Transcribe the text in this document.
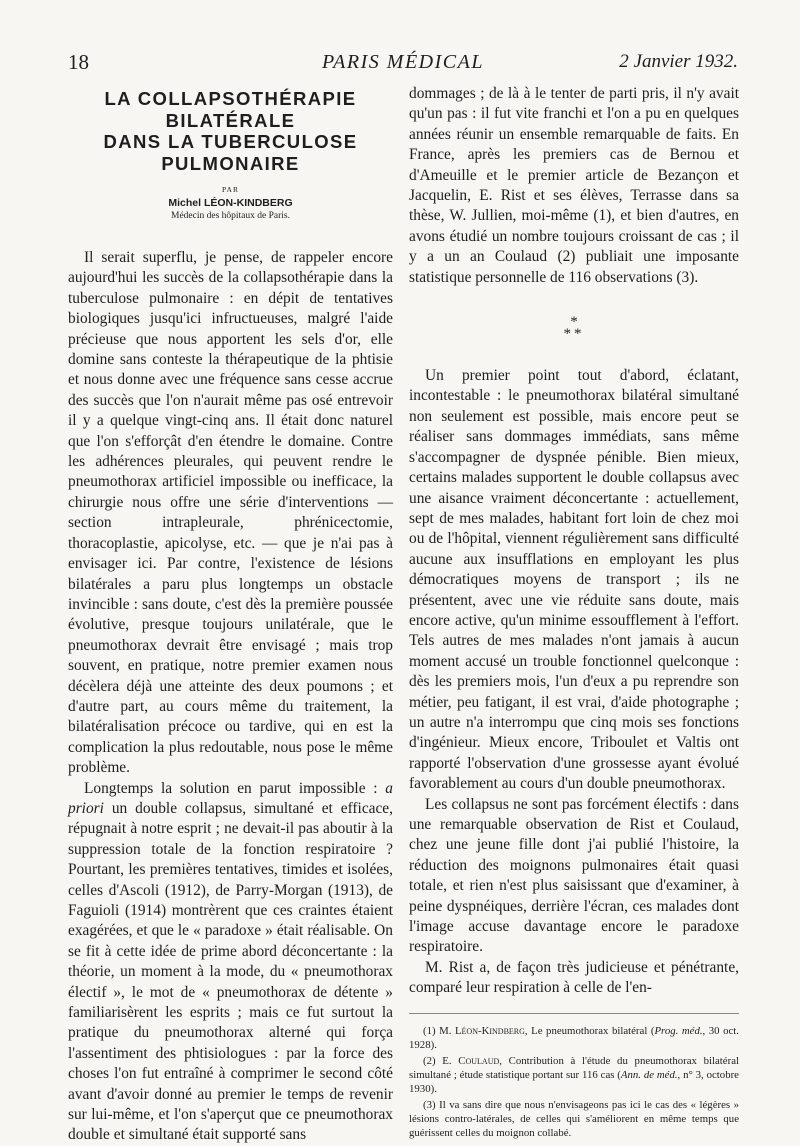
18	PARIS MÉDICAL	2 Janvier 1932.
LA COLLAPSOTHÉRAPIE
BILATÉRALE
DANS LA TUBERCULOSE
PULMONAIRE
PAR
Michel LÉON-KINDBERG
Médecin des hôpitaux de Paris.

Il serait superflu, je pense, de rappeler encore aujourd'hui les succès de la collapsothérapie dans la tuberculose pulmonaire : en dépit de tentatives biologiques jusqu'ici infructueuses, malgré l'aide précieuse que nous apportent les sels d'or, elle domine sans conteste la thérapeutique de la phtisie et nous donne avec une fréquence sans cesse accrue des succès que l'on n'aurait même pas osé entrevoir il y a quelque vingt-cinq ans. Il était donc naturel que l'on s'efforçât d'en étendre le domaine. Contre les adhérences pleurales, qui peuvent rendre le pneumothorax artificiel impossible ou inefficace, la chirurgie nous offre une série d'interventions — section intrapleurale, phrénicectomie, thoracoplastie, apicolyse, etc. — que je n'ai pas à envisager ici. Par contre, l'existence de lésions bilatérales a paru plus longtemps un obstacle invincible : sans doute, c'est dès la première poussée évolutive, presque toujours unilatérale, que le pneumothorax devrait être envisagé ; mais trop souvent, en pratique, notre premier examen nous décèlera déjà une atteinte des deux poumons ; et d'autre part, au cours même du traitement, la bilatéralisation précoce ou tardive, qui en est la complication la plus redoutable, nous pose le même problème.

Longtemps la solution en parut impossible : a priori un double collapsus, simultané et efficace, répugnait à notre esprit ; ne devait-il pas aboutir à la suppression totale de la fonction respiratoire ? Pourtant, les premières tentatives, timides et isolées, celles d'Ascoli (1912), de Parry-Morgan (1913), de Faguioli (1914) montrèrent que ces craintes étaient exagérées, et que le « paradoxe » était réalisable. On se fit à cette idée de prime abord déconcertante : la théorie, un moment à la mode, du « pneumothorax électif », le mot de « pneumothorax de détente » familiarisèrent les esprits ; mais ce fut surtout la pratique du pneumothorax alterné qui força l'assentiment des phtisiologues : par la force des choses l'on fut entraîné à comprimer le second côté avant d'avoir donné au premier le temps de revenir sur lui-même, et l'on s'aperçut que ce pneumothorax double et simultané était supporté sans

dommages ; de là à le tenter de parti pris, il n'y avait qu'un pas : il fut vite franchi et l'on a pu en quelques années réunir un ensemble remarquable de faits. En France, après les premiers cas de Bernou et d'Ameuille et le premier article de Bezançon et Jacquelin, E. Rist et ses élèves, Terrasse dans sa thèse, W. Jullien, moi-même (1), et bien d'autres, en avons étudié un nombre toujours croissant de cas ; il y a un an Coulaud (2) publiait une imposante statistique personnelle de 116 observations (3).

*
**

Un premier point tout d'abord, éclatant, incontestable : le pneumothorax bilatéral simultané non seulement est possible, mais encore peut se réaliser sans dommages immédiats, sans même s'accompagner de dyspnée pénible. Bien mieux, certains malades supportent le double collapsus avec une aisance vraiment déconcertante : actuellement, sept de mes malades, habitant fort loin de chez moi ou de l'hôpital, viennent régulièrement sans difficulté aucune aux insufflations en employant les plus démocratiques moyens de transport ; ils ne présentent, avec une vie réduite sans doute, mais encore active, qu'un minime essoufflement à l'effort. Tels autres de mes malades n'ont jamais à aucun moment accusé un trouble fonctionnel quelconque : dès les premiers mois, l'un d'eux a pu reprendre son métier, peu fatigant, il est vrai, d'aide photographe ; un autre n'a interrompu que cinq mois ses fonctions d'ingénieur. Mieux encore, Triboulet et Valtis ont rapporté l'observation d'une grossesse ayant évolué favorablement au cours d'un double pneumothorax.

Les collapsus ne sont pas forcément électifs : dans une remarquable observation de Rist et Coulaud, chez une jeune fille dont j'ai publié l'histoire, la réduction des moignons pulmonaires était quasi totale, et rien n'est plus saisissant que d'examiner, à peine dyspnéiques, derrière l'écran, ces malades dont l'image accuse davantage encore le paradoxe respiratoire.

M. Rist a, de façon très judicieuse et pénétrante, comparé leur respiration à celle de l'en-

(1) M. Léon-Kindberg, Le pneumothorax bilatéral (Prog. méd., 30 oct. 1928).

(2) E. Coulaud, Contribution à l'étude du pneumothorax bilatéral simultané ; étude statistique portant sur 116 cas (Ann. de méd., n° 3, octobre 1930).

(3) Il va sans dire que nous n'envisageons pas ici le cas des « légères » lésions contro-latérales, de celles qui s'améliorent en même temps que guérissent celles du moignon collabé.
